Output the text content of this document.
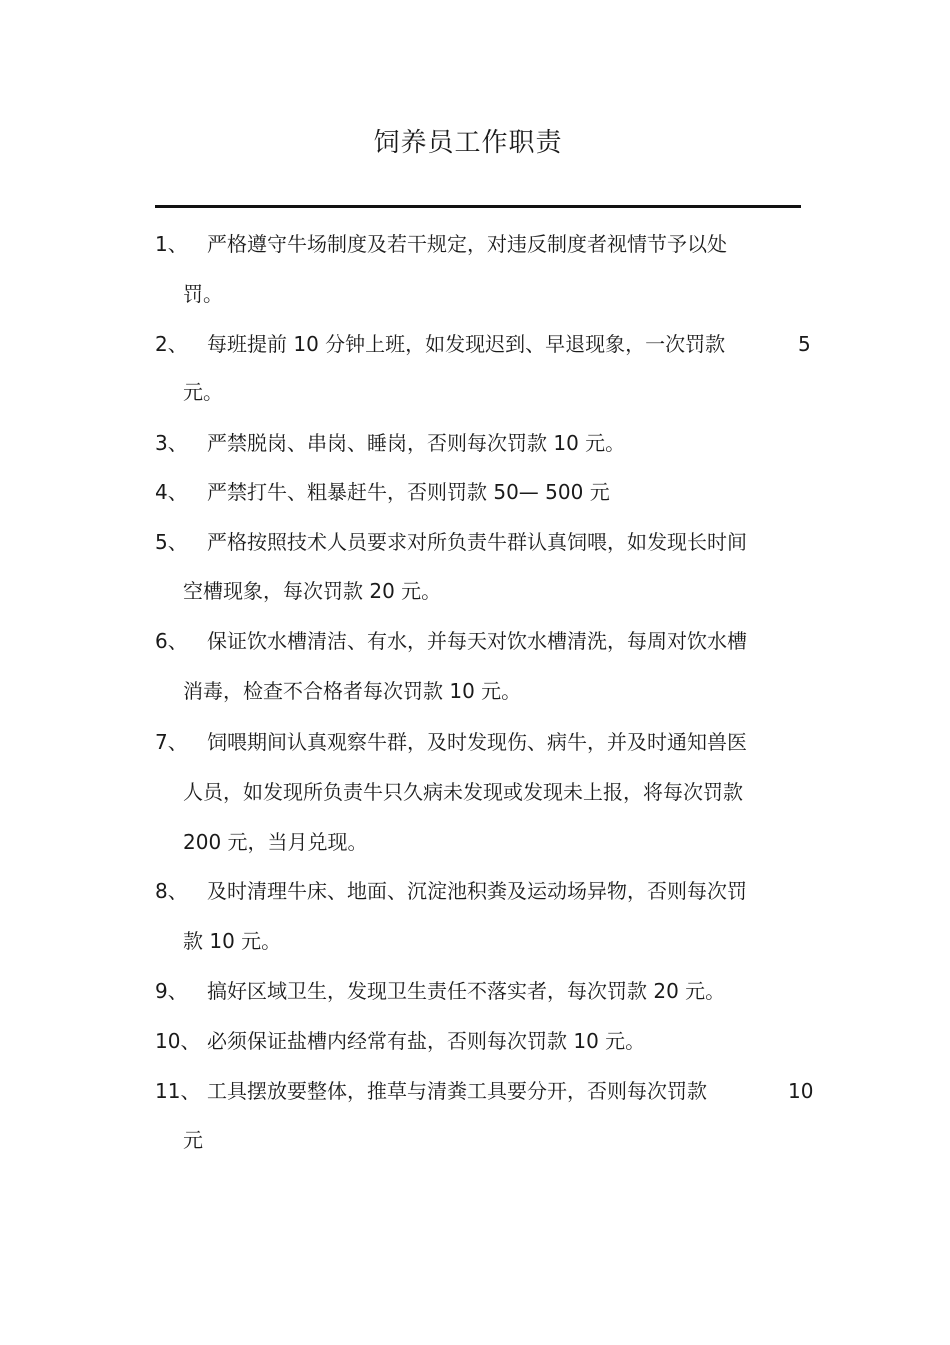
饲养员工作职责
1、 严格遵守牛场制度及若干规定，对违反制度者视情节予以处
罚。
2、 每班提前 10 分钟上班，如发现迟到、早退现象，一次罚款	5
元。
3、 严禁脱岗、串岗、睡岗，否则每次罚款 10 元。
4、 严禁打牛、粗暴赶牛，否则罚款 50— 500 元
5、 严格按照技术人员要求对所负责牛群认真饲喂，如发现长时间
空槽现象，每次罚款 20 元。
6、 保证饮水槽清洁、有水，并每天对饮水槽清洗，每周对饮水槽
消毒，检查不合格者每次罚款 10 元。
7、 饲喂期间认真观察牛群，及时发现伤、病牛，并及时通知兽医
人员，如发现所负责牛只久病未发现或发现未上报，将每次罚款
200 元，当月兑现。
8、 及时清理牛床、地面、沉淀池积粪及运动场异物，否则每次罚
款 10 元。
9、 搞好区域卫生，发现卫生责任不落实者，每次罚款 20 元。
10、 必须保证盐槽内经常有盐，否则每次罚款 10 元。
11、 工具摆放要整体，推草与清粪工具要分开，否则每次罚款	10
元
